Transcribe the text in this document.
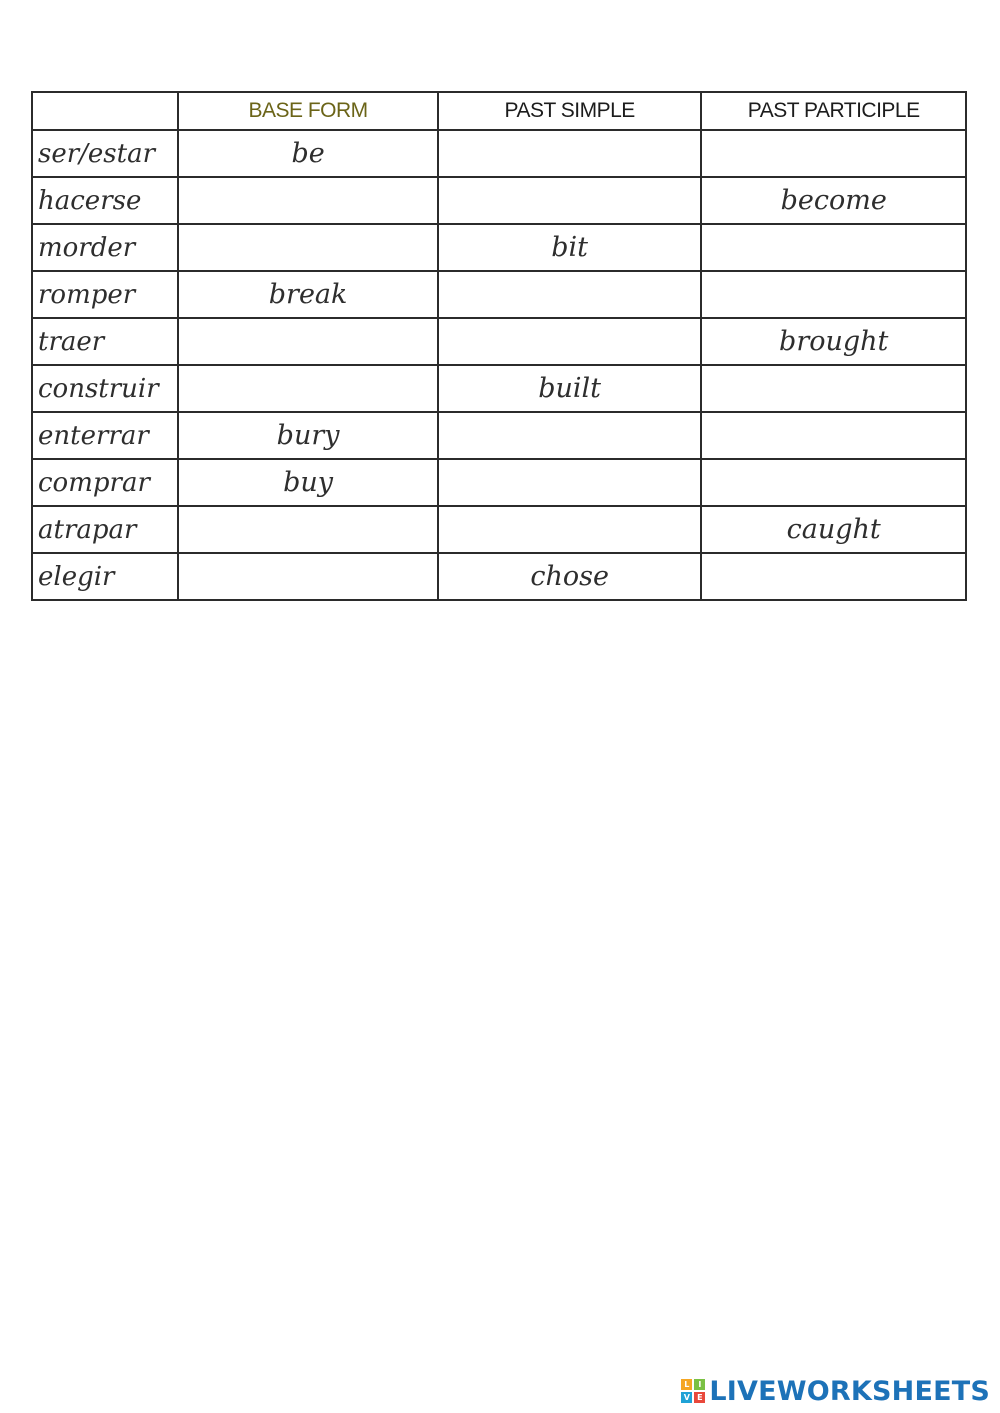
	BASE FORM	PAST SIMPLE	PAST PARTICIPLE
ser/estar	be		
hacerse			become
morder		bit	
romper	break		
traer			brought
construir		built	
enterrar	bury		
comprar	buy		
atrapar			caught
elegir		chose	
L	I
V E LIVEWORKSHEETS
